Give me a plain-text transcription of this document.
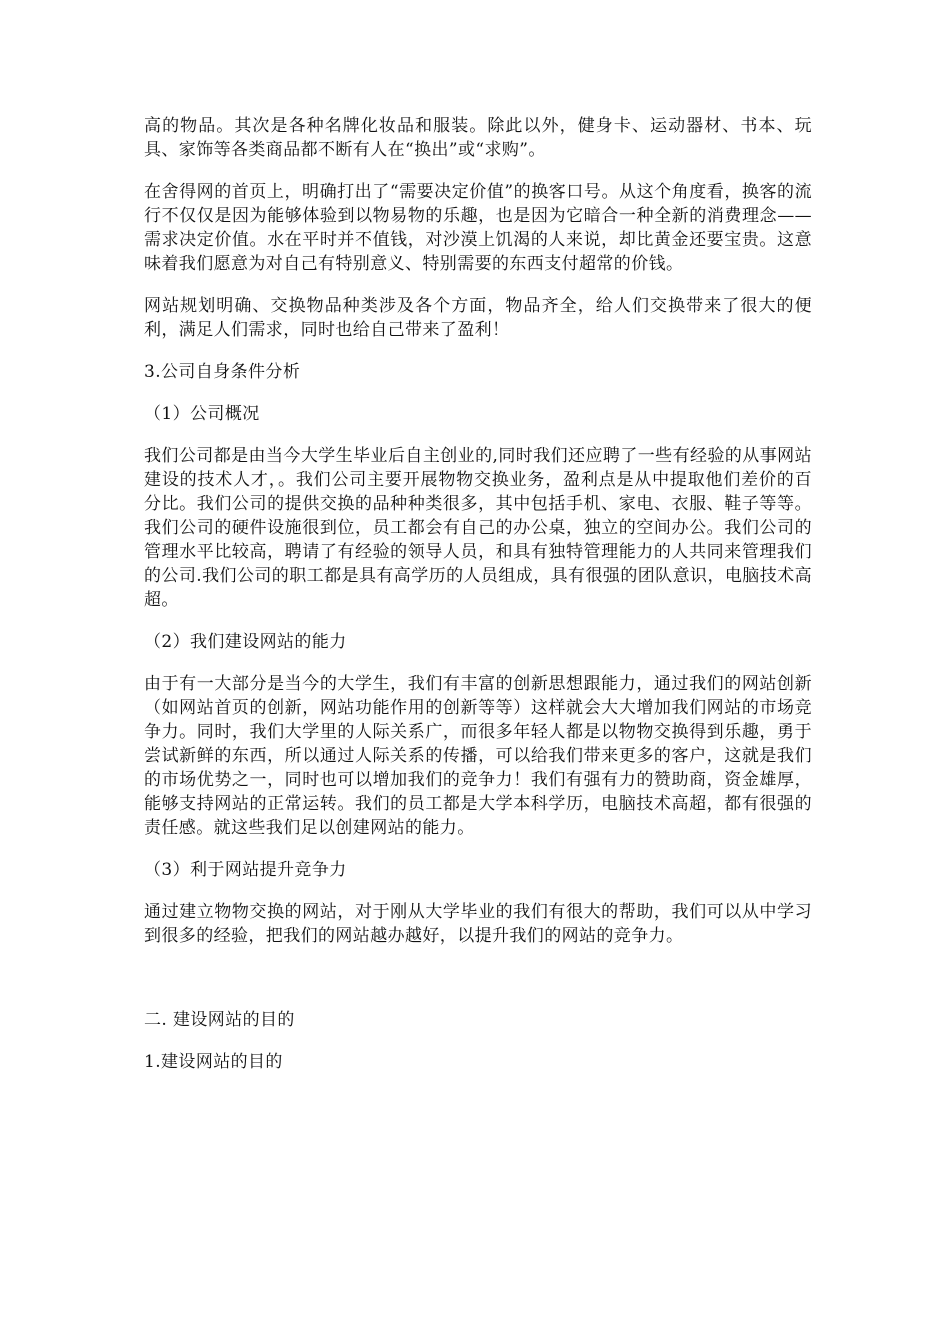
高的物品。其次是各种名牌化妆品和服装。除此以外，健身卡、运动器材、书本、玩具、家饰等各类商品都不断有人在“换出”或“求购”。

在舍得网的首页上，明确打出了“需要决定价值”的换客口号。从这个角度看，换客的流行不仅仅是因为能够体验到以物易物的乐趣，也是因为它暗合一种全新的消费理念——需求决定价值。水在平时并不值钱，对沙漠上饥渴的人来说，却比黄金还要宝贵。这意味着我们愿意为对自己有特别意义、特别需要的东西支付超常的价钱。

网站规划明确、交换物品种类涉及各个方面，物品齐全，给人们交换带来了很大的便利，满足人们需求，同时也给自己带来了盈利！

3.公司自身条件分析

（1）公司概况

我们公司都是由当今大学生毕业后自主创业的,同时我们还应聘了一些有经验的从事网站建设的技术人才，。我们公司主要开展物物交换业务，盈利点是从中提取他们差价的百分比。我们公司的提供交换的品种种类很多，其中包括手机、家电、衣服、鞋子等等。我们公司的硬件设施很到位，员工都会有自己的办公桌，独立的空间办公。我们公司的管理水平比较高，聘请了有经验的领导人员，和具有独特管理能力的人共同来管理我们的公司.我们公司的职工都是具有高学历的人员组成，具有很强的团队意识，电脑技术高超。

（2）我们建设网站的能力

由于有一大部分是当今的大学生，我们有丰富的创新思想跟能力，通过我们的网站创新（如网站首页的创新，网站功能作用的创新等等）这样就会大大增加我们网站的市场竞争力。同时，我们大学里的人际关系广，而很多年轻人都是以物物交换得到乐趣，勇于尝试新鲜的东西，所以通过人际关系的传播，可以给我们带来更多的客户，这就是我们的市场优势之一，同时也可以增加我们的竞争力！我们有强有力的赞助商，资金雄厚，能够支持网站的正常运转。我们的员工都是大学本科学历，电脑技术高超，都有很强的责任感。就这些我们足以创建网站的能力。

（3）利于网站提升竞争力

通过建立物物交换的网站，对于刚从大学毕业的我们有很大的帮助，我们可以从中学习到很多的经验，把我们的网站越办越好，以提升我们的网站的竞争力。

二. 建设网站的目的

1.建设网站的目的
